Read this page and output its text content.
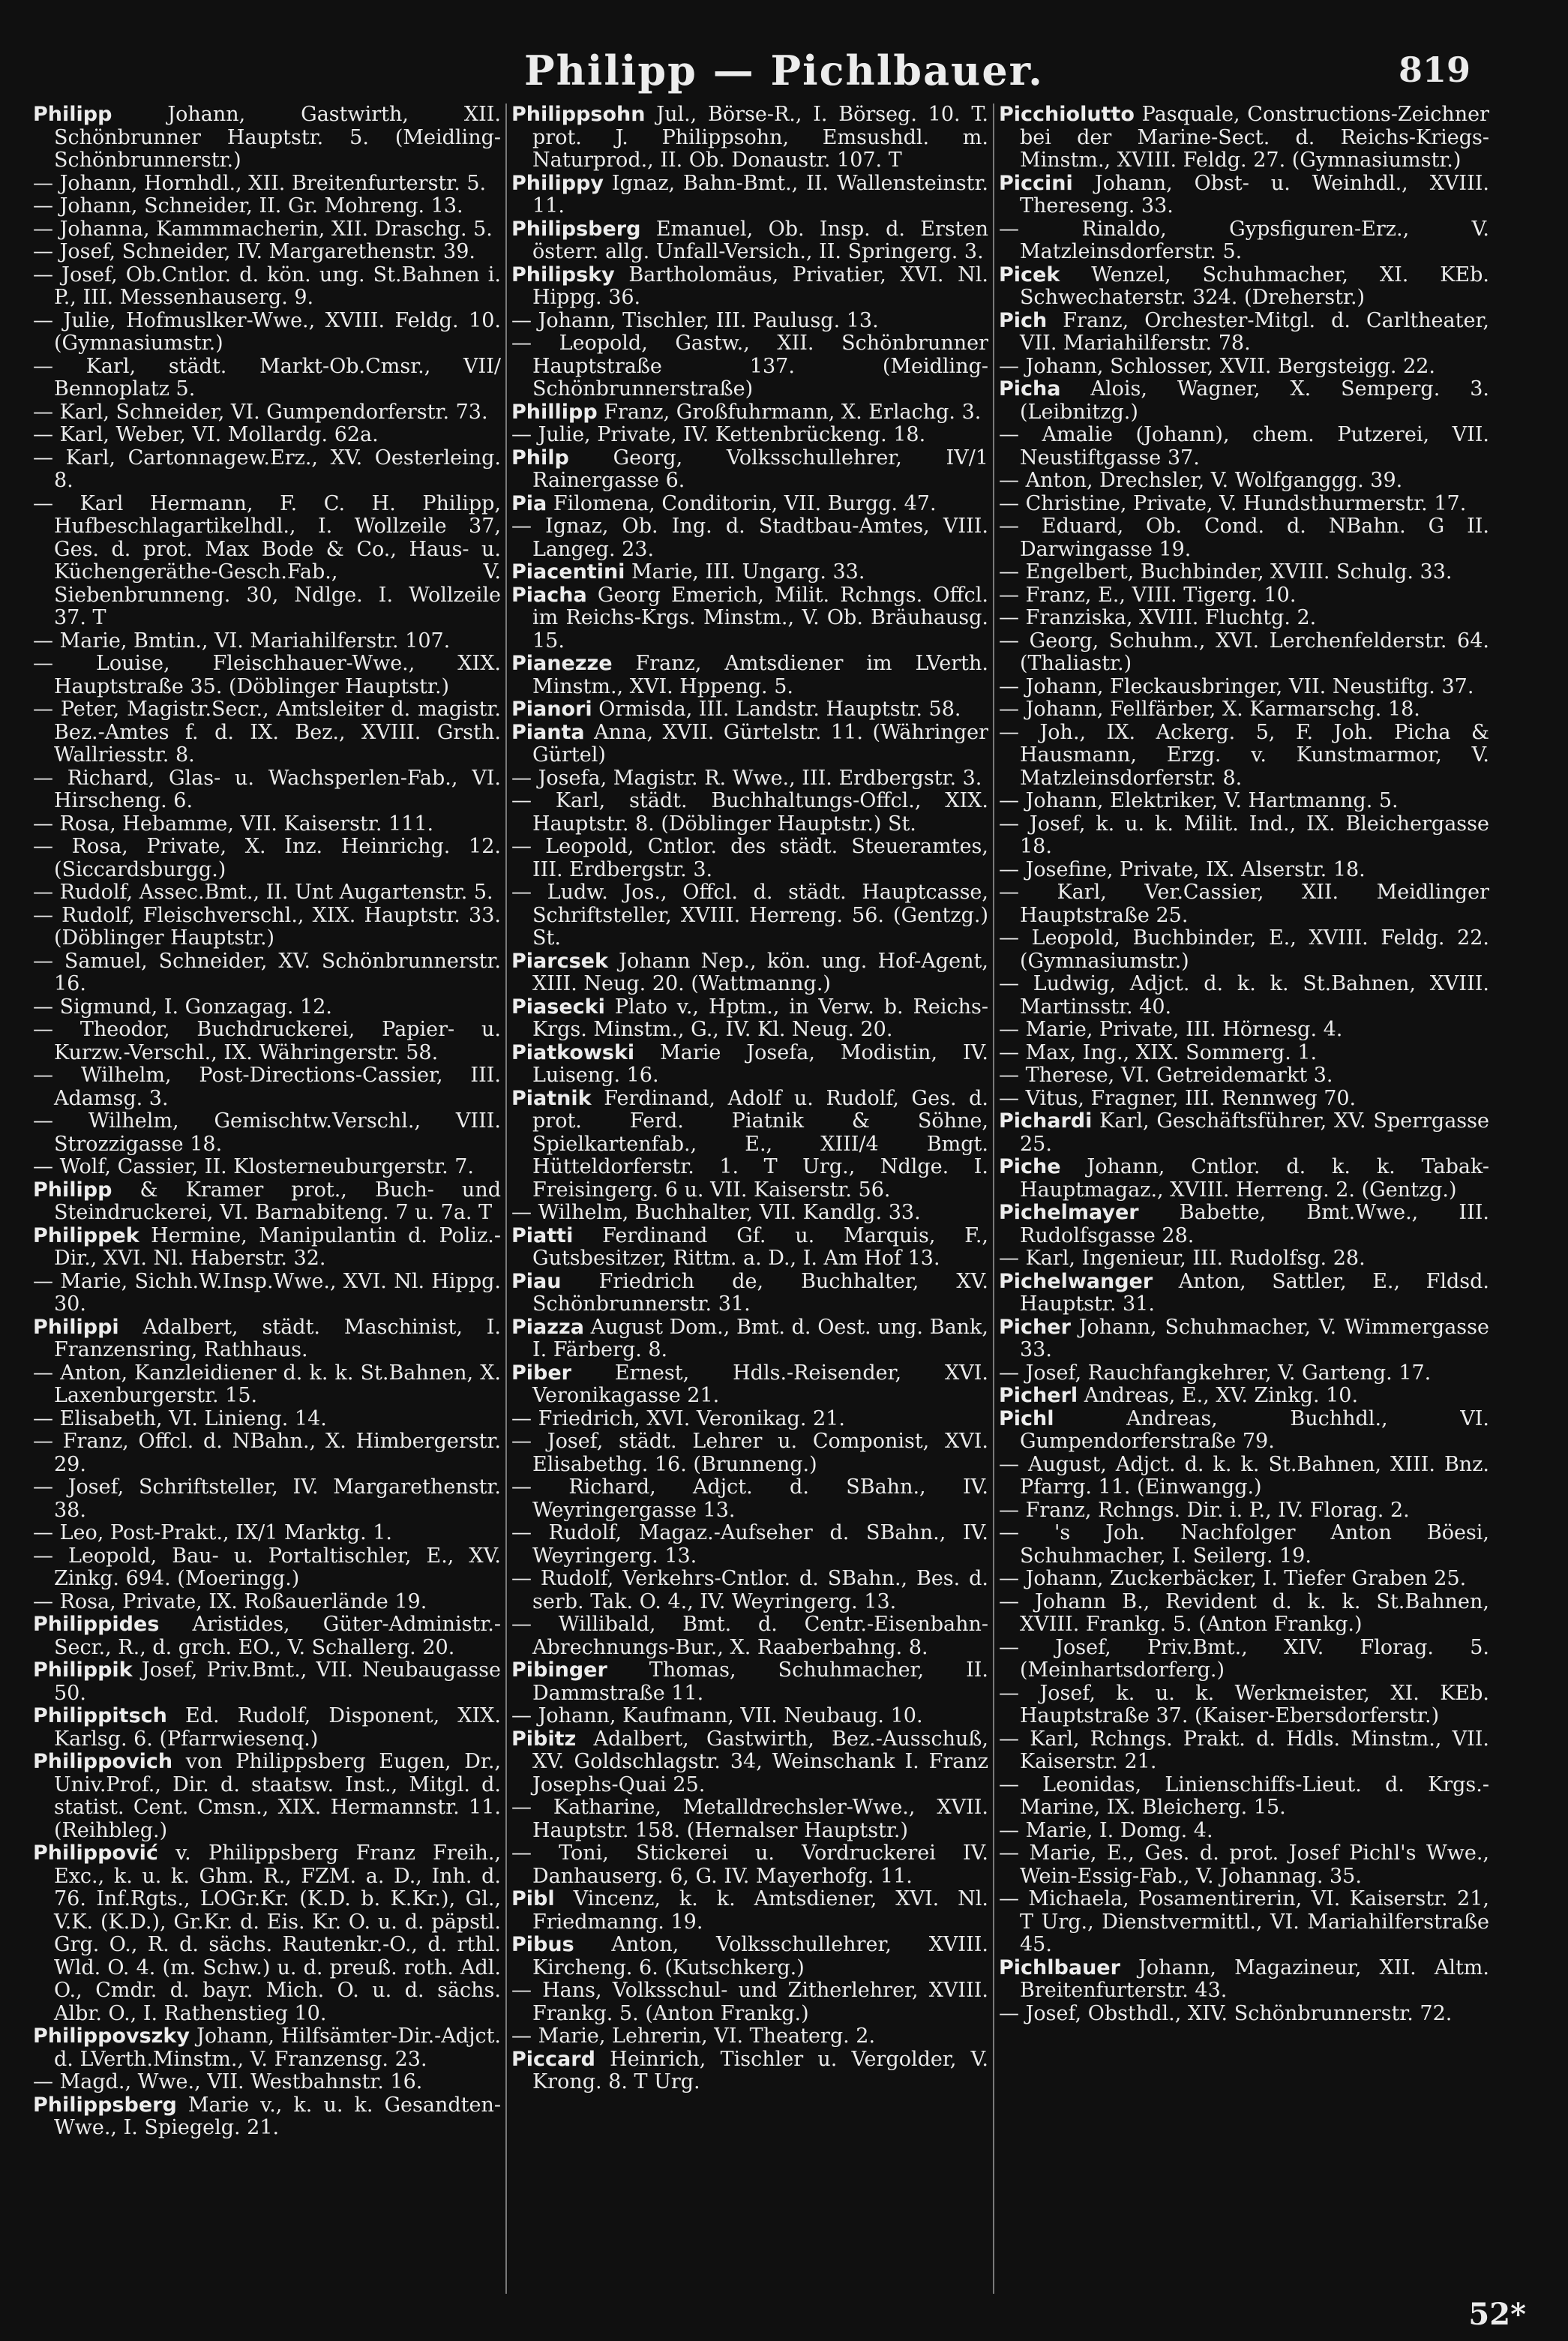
Philipp — Pichlbauer.	819

Philipp Johann, Gastwirth, XII. Schönbrunner Hauptstr. 5. (Meidling-Schönbrunnerstr.)

— Johann, Hornhdl., XII. Breitenfurterstr. 5.

— Johann, Schneider, II. Gr. Mohreng. 13.

— Johanna, Kammmacherin, XII. Draschg. 5.

— Josef, Schneider, IV. Margarethenstr. 39.

— Josef, Ob.Cntlor. d. kön. ung. St.Bahnen i. P., III. Messenhauserg. 9.

— Julie, Hofmuslker-Wwe., XVIII. Feldg. 10. (Gymnasiumstr.)

— Karl, städt. Markt-Ob.Cmsr., VII/ Bennoplatz 5.

— Karl, Schneider, VI. Gumpendorferstr. 73.

— Karl, Weber, VI. Mollardg. 62a.

— Karl, Cartonnagew.Erz., XV. Oesterleing. 8.

— Karl Hermann, F. C. H. Philipp, Hufbeschlagartikelhdl., I. Wollzeile 37, Ges. d. prot. Max Bode & Co., Haus- u. Küchengeräthe-Gesch.Fab., V. Siebenbrunneng. 30, Ndlge. I. Wollzeile 37. T

— Marie, Bmtin., VI. Mariahilferstr. 107.

— Louise, Fleischhauer-Wwe., XIX. Hauptstraße 35. (Döblinger Hauptstr.)

— Peter, Magistr.Secr., Amtsleiter d. magistr. Bez.-Amtes f. d. IX. Bez., XVIII. Grsth. Wallriesstr. 8.

— Richard, Glas- u. Wachsperlen-Fab., VI. Hirscheng. 6.

— Rosa, Hebamme, VII. Kaiserstr. 111.

— Rosa, Private, X. Inz. Heinrichg. 12. (Siccardsburgg.)

— Rudolf, Assec.Bmt., II. Unt Augartenstr. 5.

— Rudolf, Fleischverschl., XIX. Hauptstr. 33. (Döblinger Hauptstr.)

— Samuel, Schneider, XV. Schönbrunnerstr. 16.

— Sigmund, I. Gonzagag. 12.

— Theodor, Buchdruckerei, Papier- u. Kurzw.-Verschl., IX. Währingerstr. 58.

— Wilhelm, Post-Directions-Cassier, III. Adamsg. 3.

— Wilhelm, Gemischtw.Verschl., VIII. Strozzigasse 18.

— Wolf, Cassier, II. Klosterneuburgerstr. 7.

Philipp & Kramer prot., Buch- und Steindruckerei, VI. Barnabiteng. 7 u. 7a. T

Philippek Hermine, Manipulantin d. Poliz.-Dir., XVI. Nl. Haberstr. 32.

— Marie, Sichh.W.Insp.Wwe., XVI. Nl. Hippg. 30.

Philippi Adalbert, städt. Maschinist, I. Franzensring, Rathhaus.

— Anton, Kanzleidiener d. k. k. St.Bahnen, X. Laxenburgerstr. 15.

— Elisabeth, VI. Linieng. 14.

— Franz, Offcl. d. NBahn., X. Himbergerstr. 29.

— Josef, Schriftsteller, IV. Margarethenstr. 38.

— Leo, Post-Prakt., IX/1 Marktg. 1.

— Leopold, Bau- u. Portaltischler, E., XV. Zinkg. 694. (Moeringg.)

— Rosa, Private, IX. Roßauerlände 19.

Philippides Aristides, Güter-Administr.-Secr., R., d. grch. EO., V. Schallerg. 20.

Philippik Josef, Priv.Bmt., VII. Neubaugasse 50.

Philippitsch Ed. Rudolf, Disponent, XIX. Karlsg. 6. (Pfarrwiesenq.)

Philippovich von Philippsberg Eugen, Dr., Univ.Prof., Dir. d. staatsw. Inst., Mitgl. d. statist. Cent. Cmsn., XIX. Hermannstr. 11. (Reihbleg.)

Philippović v. Philippsberg Franz Freih., Exc., k. u. k. Ghm. R., FZM. a. D., Inh. d. 76. Inf.Rgts., LOGr.Kr. (K.D. b. K.Kr.), Gl., V.K. (K.D.), Gr.Kr. d. Eis. Kr. O. u. d. päpstl. Grg. O., R. d. sächs. Rautenkr.-O., d. rthl. Wld. O. 4. (m. Schw.) u. d. preuß. roth. Adl. O., Cmdr. d. bayr. Mich. O. u. d. sächs. Albr. O., I. Rathenstieg 10.

Philippovszky Johann, Hilfsämter-Dir.-Adjct. d. LVerth.Minstm., V. Franzensg. 23.

— Magd., Wwe., VII. Westbahnstr. 16.

Philippsberg Marie v., k. u. k. Gesandten-Wwe., I. Spiegelg. 21.

Philippsohn Jul., Börse-R., I. Börseg. 10. T. prot. J. Philippsohn, Emsushdl. m. Naturprod., II. Ob. Donaustr. 107. T

Philippy Ignaz, Bahn-Bmt., II. Wallensteinstr. 11.

Philipsberg Emanuel, Ob. Insp. d. Ersten österr. allg. Unfall-Versich., II. Springerg. 3.

Philipsky Bartholomäus, Privatier, XVI. Nl. Hippg. 36.

— Johann, Tischler, III. Paulusg. 13.

— Leopold, Gastw., XII. Schönbrunner Hauptstraße 137. (Meidling-Schönbrunnerstraße)

Phillipp Franz, Großfuhrmann, X. Erlachg. 3.

— Julie, Private, IV. Kettenbrückeng. 18.

Philp Georg, Volksschullehrer, IV/1 Rainergasse 6.

Pia Filomena, Conditorin, VII. Burgg. 47.

— Ignaz, Ob. Ing. d. Stadtbau-Amtes, VIII. Langeg. 23.

Piacentini Marie, III. Ungarg. 33.

Piacha Georg Emerich, Milit. Rchngs. Offcl. im Reichs-Krgs. Minstm., V. Ob. Bräuhausg. 15.

Pianezze Franz, Amtsdiener im LVerth. Minstm., XVI. Hppeng. 5.

Pianori Ormisda, III. Landstr. Hauptstr. 58.

Pianta Anna, XVII. Gürtelstr. 11. (Währinger Gürtel)

— Josefa, Magistr. R. Wwe., III. Erdbergstr. 3.

— Karl, städt. Buchhaltungs-Offcl., XIX. Hauptstr. 8. (Döblinger Hauptstr.) St.

— Leopold, Cntlor. des städt. Steueramtes, III. Erdbergstr. 3.

— Ludw. Jos., Offcl. d. städt. Hauptcasse, Schriftsteller, XVIII. Herreng. 56. (Gentzg.) St.

Piarcsek Johann Nep., kön. ung. Hof-Agent, XIII. Neug. 20. (Wattmanng.)

Piasecki Plato v., Hptm., in Verw. b. Reichs-Krgs. Minstm., G., IV. Kl. Neug. 20.

Piatkowski Marie Josefa, Modistin, IV. Luiseng. 16.

Piatnik Ferdinand, Adolf u. Rudolf, Ges. d. prot. Ferd. Piatnik & Söhne, Spielkartenfab., E., XIII/4 Bmgt. Hütteldorferstr. 1. T Urg., Ndlge. I. Freisingerg. 6 u. VII. Kaiserstr. 56.

— Wilhelm, Buchhalter, VII. Kandlg. 33.

Piatti Ferdinand Gf. u. Marquis, F., Gutsbesitzer, Rittm. a. D., I. Am Hof 13.

Piau Friedrich de, Buchhalter, XV. Schönbrunnerstr. 31.

Piazza August Dom., Bmt. d. Oest. ung. Bank, I. Färberg. 8.

Piber Ernest, Hdls.-Reisender, XVI. Veronikagasse 21.

— Friedrich, XVI. Veronikag. 21.

— Josef, städt. Lehrer u. Componist, XVI. Elisabethg. 16. (Brunneng.)

— Richard, Adjct. d. SBahn., IV. Weyringergasse 13.

— Rudolf, Magaz.-Aufseher d. SBahn., IV. Weyringerg. 13.

— Rudolf, Verkehrs-Cntlor. d. SBahn., Bes. d. serb. Tak. O. 4., IV. Weyringerg. 13.

— Willibald, Bmt. d. Centr.-Eisenbahn-Abrechnungs-Bur., X. Raaberbahng. 8.

Pibinger Thomas, Schuhmacher, II. Dammstraße 11.

— Johann, Kaufmann, VII. Neubaug. 10.

Pibitz Adalbert, Gastwirth, Bez.-Ausschuß, XV. Goldschlagstr. 34, Weinschank I. Franz Josephs-Quai 25.

— Katharine, Metalldrechsler-Wwe., XVII. Hauptstr. 158. (Hernalser Hauptstr.)

— Toni, Stickerei u. Vordruckerei IV. Danhauserg. 6, G. IV. Mayerhofg. 11.

Pibl Vincenz, k. k. Amtsdiener, XVI. Nl. Friedmanng. 19.

Pibus Anton, Volksschullehrer, XVIII. Kircheng. 6. (Kutschkerg.)

— Hans, Volksschul- und Zitherlehrer, XVIII. Frankg. 5. (Anton Frankg.)

— Marie, Lehrerin, VI. Theaterg. 2.

Piccard Heinrich, Tischler u. Vergolder, V. Krong. 8. T Urg.

Picchiolutto Pasquale, Constructions-Zeichner bei der Marine-Sect. d. Reichs-Kriegs-Minstm., XVIII. Feldg. 27. (Gymnasiumstr.)

Piccini Johann, Obst- u. Weinhdl., XVIII. Thereseng. 33.

— Rinaldo, Gypsfiguren-Erz., V. Matzleinsdorferstr. 5.

Picek Wenzel, Schuhmacher, XI. KEb. Schwechaterstr. 324. (Dreherstr.)

Pich Franz, Orchester-Mitgl. d. Carltheater, VII. Mariahilferstr. 78.

— Johann, Schlosser, XVII. Bergsteigg. 22.

Picha Alois, Wagner, X. Semperg. 3. (Leibnitzg.)

— Amalie (Johann), chem. Putzerei, VII. Neustiftgasse 37.

— Anton, Drechsler, V. Wolfganggg. 39.

— Christine, Private, V. Hundsthurmerstr. 17.

— Eduard, Ob. Cond. d. NBahn. G II. Darwingasse 19.

— Engelbert, Buchbinder, XVIII. Schulg. 33.

— Franz, E., VIII. Tigerg. 10.

— Franziska, XVIII. Fluchtg. 2.

— Georg, Schuhm., XVI. Lerchenfelderstr. 64. (Thaliastr.)

— Johann, Fleckausbringer, VII. Neustiftg. 37.

— Johann, Fellfärber, X. Karmarschg. 18.

— Joh., IX. Ackerg. 5, F. Joh. Picha & Hausmann, Erzg. v. Kunstmarmor, V. Matzleinsdorferstr. 8.

— Johann, Elektriker, V. Hartmanng. 5.

— Josef, k. u. k. Milit. Ind., IX. Bleichergasse 18.

— Josefine, Private, IX. Alserstr. 18.

— Karl, Ver.Cassier, XII. Meidlinger Hauptstraße 25.

— Leopold, Buchbinder, E., XVIII. Feldg. 22. (Gymnasiumstr.)

— Ludwig, Adjct. d. k. k. St.Bahnen, XVIII. Martinsstr. 40.

— Marie, Private, III. Hörnesg. 4.

— Max, Ing., XIX. Sommerg. 1.

— Therese, VI. Getreidemarkt 3.

— Vitus, Fragner, III. Rennweg 70.

Pichardi Karl, Geschäftsführer, XV. Sperrgasse 25.

Piche Johann, Cntlor. d. k. k. Tabak-Hauptmagaz., XVIII. Herreng. 2. (Gentzg.)

Pichelmayer Babette, Bmt.Wwe., III. Rudolfsgasse 28.

— Karl, Ingenieur, III. Rudolfsg. 28.

Pichelwanger Anton, Sattler, E., Fldsd. Hauptstr. 31.

Picher Johann, Schuhmacher, V. Wimmergasse 33.

— Josef, Rauchfangkehrer, V. Garteng. 17.

Picherl Andreas, E., XV. Zinkg. 10.

Pichl Andreas, Buchhdl., VI. Gumpendorferstraße 79.

— August, Adjct. d. k. k. St.Bahnen, XIII. Bnz. Pfarrg. 11. (Einwangg.)

— Franz, Rchngs. Dir. i. P., IV. Florag. 2.

— 's Joh. Nachfolger Anton Böesi, Schuhmacher, I. Seilerg. 19.

— Johann, Zuckerbäcker, I. Tiefer Graben 25.

— Johann B., Revident d. k. k. St.Bahnen, XVIII. Frankg. 5. (Anton Frankg.)

— Josef, Priv.Bmt., XIV. Florag. 5. (Meinhartsdorferg.)

— Josef, k. u. k. Werkmeister, XI. KEb. Hauptstraße 37. (Kaiser-Ebersdorferstr.)

— Karl, Rchngs. Prakt. d. Hdls. Minstm., VII. Kaiserstr. 21.

— Leonidas, Linienschiffs-Lieut. d. Krgs.-Marine, IX. Bleicherg. 15.

— Marie, I. Domg. 4.

— Marie, E., Ges. d. prot. Josef Pichl's Wwe., Wein-Essig-Fab., V. Johannag. 35.

— Michaela, Posamentirerin, VI. Kaiserstr. 21, T Urg., Dienstvermittl., VI. Mariahilferstraße 45.

Pichlbauer Johann, Magazineur, XII. Altm. Breitenfurterstr. 43.

— Josef, Obsthdl., XIV. Schönbrunnerstr. 72.

52*
